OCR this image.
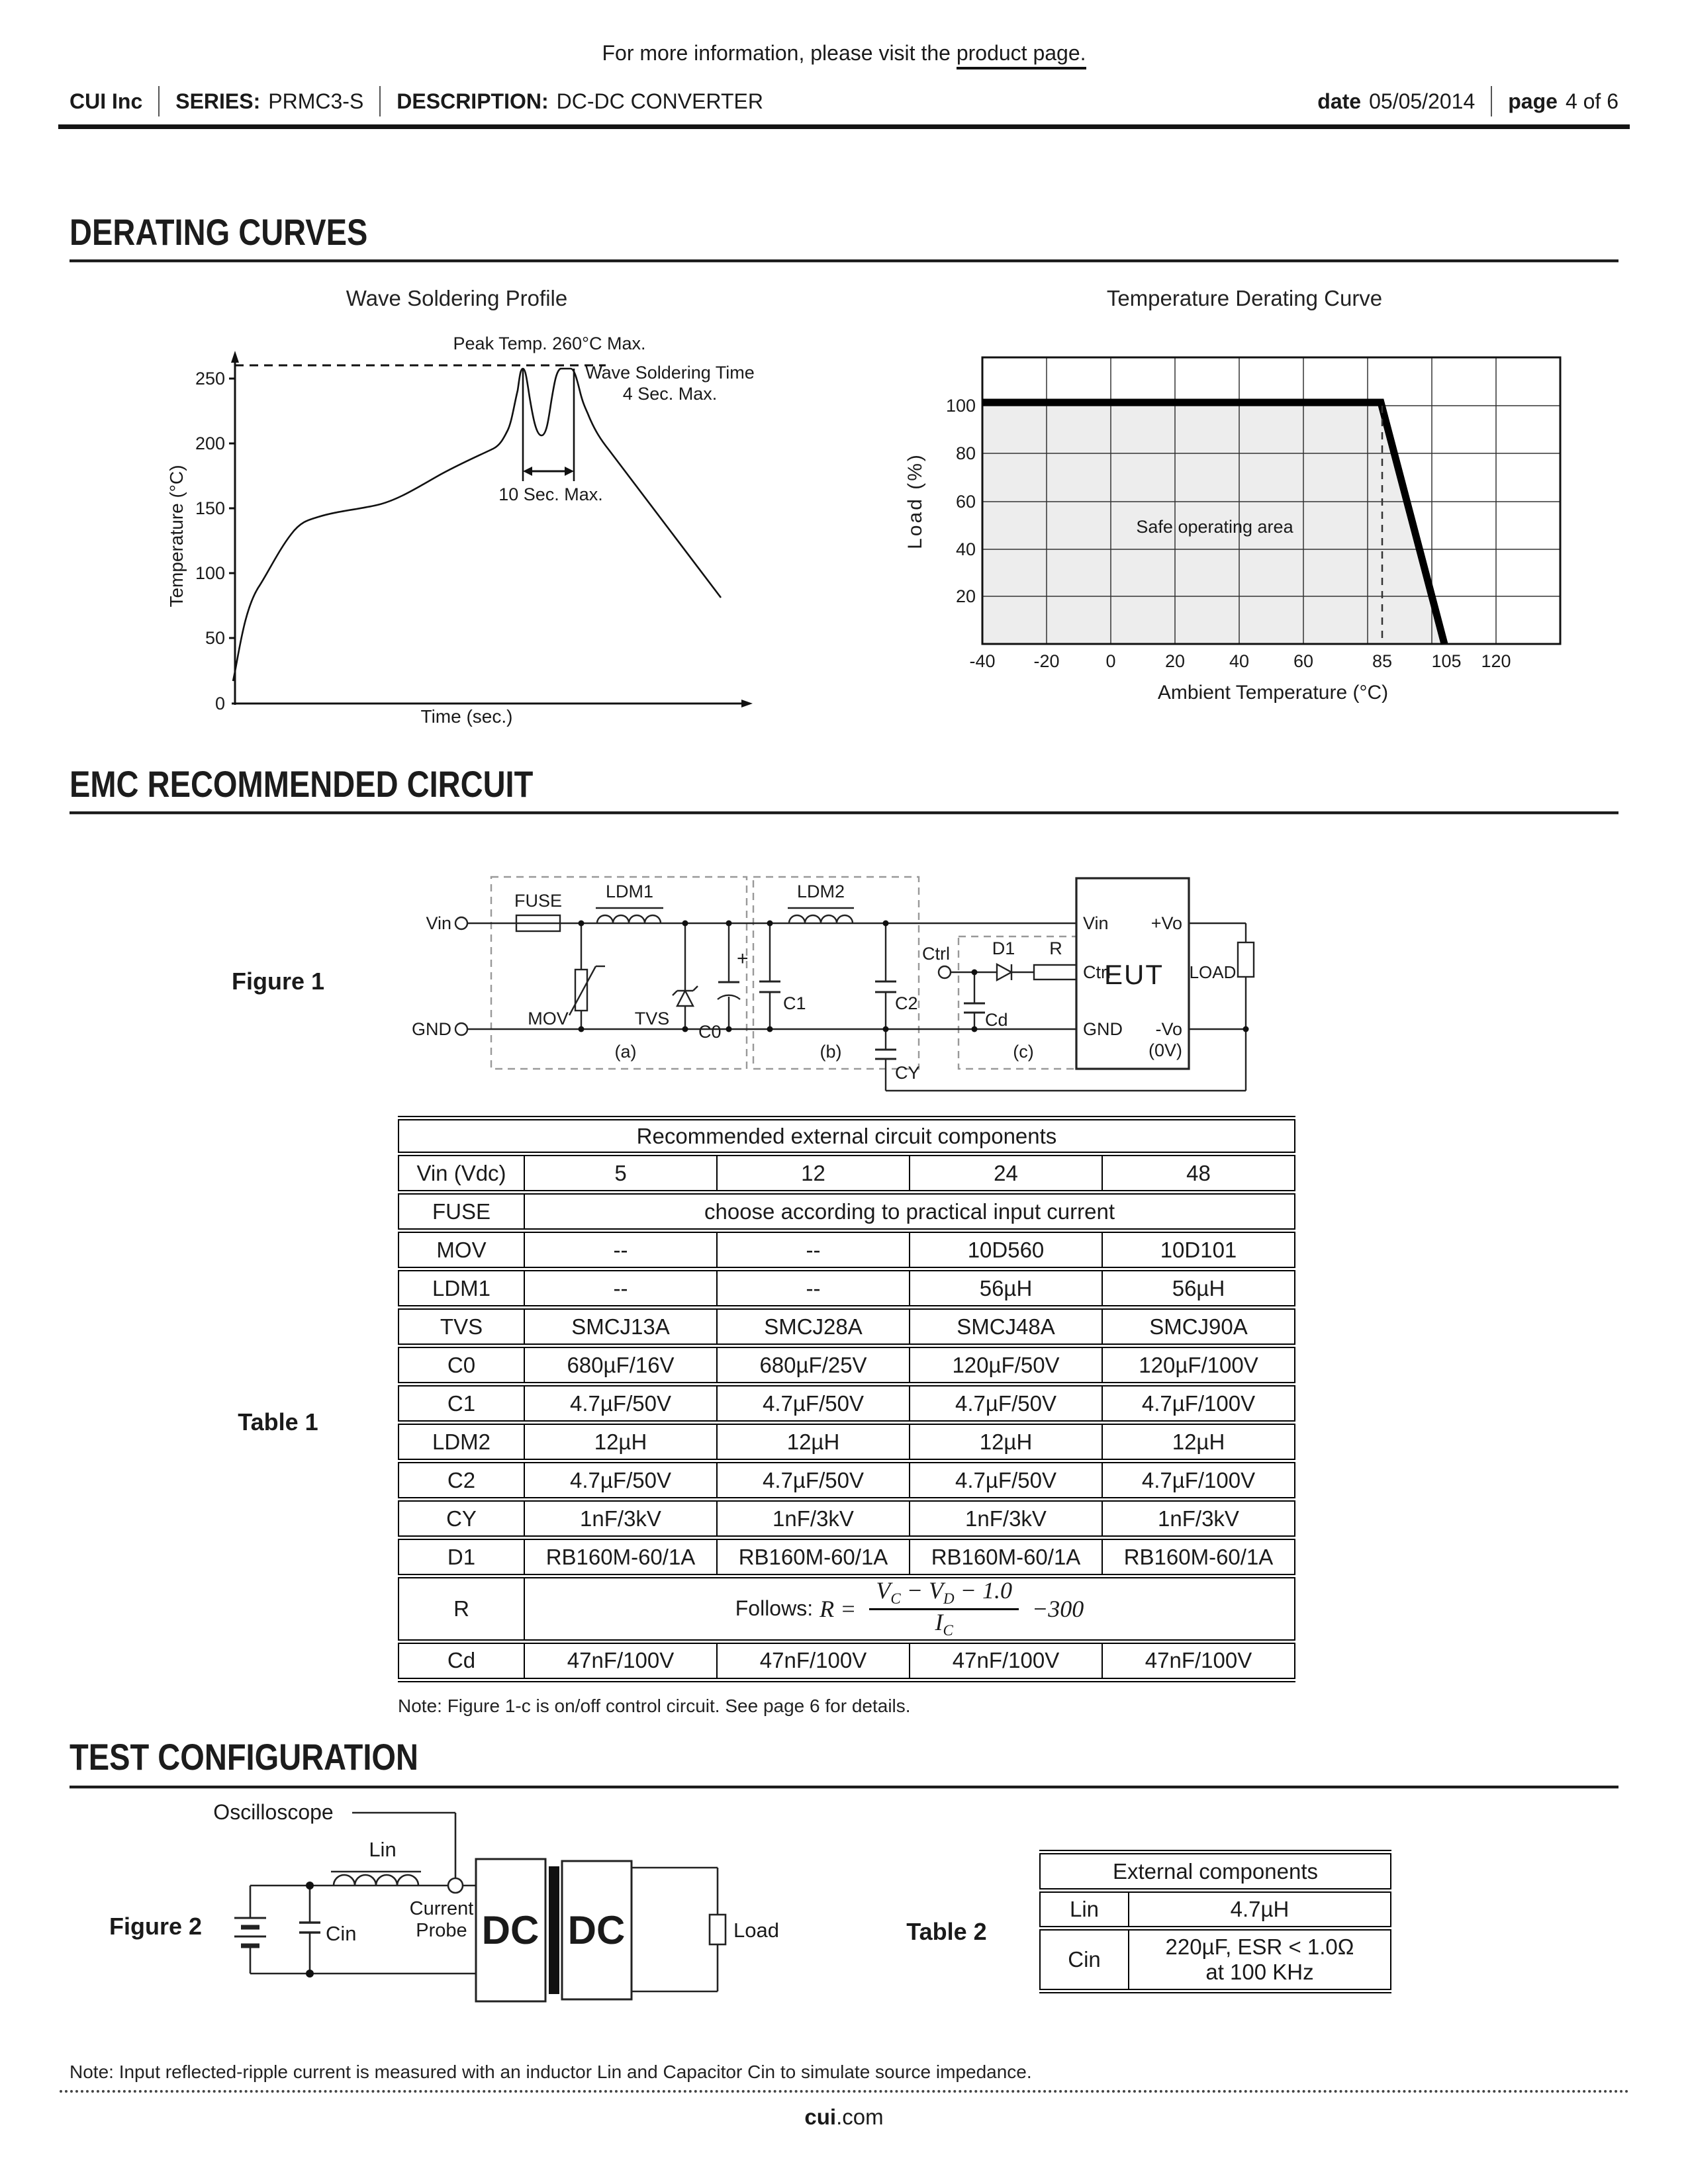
For more information, please visit the product page.
CUI Inc SERIES: PRMC3-S DESCRIPTION: DC-DC CONVERTER	date 05/05/2014 page 4 of 6
DERATING CURVES
Wave Soldering Profile	Temperature Derating Curve
250
200
150
100
50
0
Peak Temp. 260°C Max.
Wave Soldering Time
4 Sec. Max.
10 Sec. Max.
Time (sec.)
Temperature (°C)
100
80
60
40
20
-40 -20	0	20 40 60	85 105 120
Safe operating area
Ambient Temperature (°C)
Load (%)
EMC RECOMMENDED CIRCUIT
Figure 1
Vin
GND
FUSE LDM1
MOV	TVS
+
C0
C1
LDM2
C2
CY
Ctrl D1 R
Cd
(a)	(b)	(c)
Vin
Ctrl
GND
+Vo
-Vo
(0V)
EUT LOAD
Table 1
Recommended external circuit components				
Vin (Vdc)	5	12	24	48
FUSE	choose according to practical input current			
MOV	--	--	10D560	10D101
LDM1	--	--	56µH	56µH
TVS	SMCJ13A	SMCJ28A	SMCJ48A	SMCJ90A
C0	680µF/16V	680µF/25V	120µF/50V	120µF/100V
C1	4.7µF/50V	4.7µF/50V	4.7µF/50V	4.7µF/100V
LDM2	12µH	12µH	12µH	12µH
C2	4.7µF/50V	4.7µF/50V	4.7µF/50V	4.7µF/100V
CY	1nF/3kV	1nF/3kV	1nF/3kV	1nF/3kV
D1	RB160M-60/1A	RB160M-60/1A	RB160M-60/1A	RB160M-60/1A
R	Follows: $R = \frac{V_C - V_D - 1.0}{I_C} -300$			

Cd	47nF/100V	47nF/100V	47nF/100V	47nF/100V
Note: Figure 1-c is on/off control circuit. See page 6 for details.
TEST CONFIGURATION
Figure 2
Oscilloscope
Lin
Cin
Current
Probe DC DC	Load	Table 2
External components	
Lin	4.7µH
Cin	220µF, ESR < 1.0Ω
at 100 KHz
Note: Input reflected-ripple current is measured with an inductor Lin and Capacitor Cin to simulate source impedance.
cui.com
